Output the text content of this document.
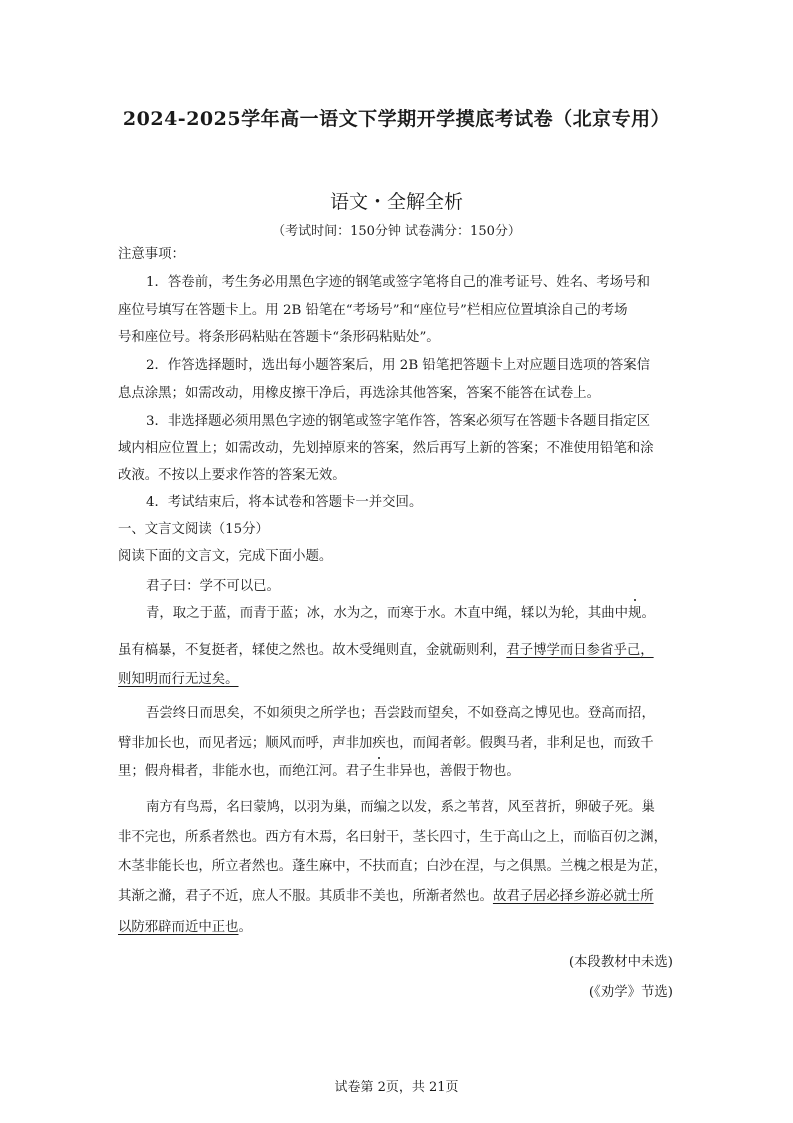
2024-2025学年高一语文下学期开学摸底考试卷（北京专用）
语文・全解全析
（考试时间：150分钟 试卷满分：150分）
注意事项：
1．答卷前，考生务必用黑色字迹的钢笔或签字笔将自己的准考证号、姓名、考场号和
座位号填写在答题卡上。用 2B 铅笔在“考场号”和“座位号”栏相应位置填涂自己的考场
号和座位号。将条形码粘贴在答题卡“条形码粘贴处”。
2．作答选择题时，选出每小题答案后，用 2B 铅笔把答题卡上对应题目选项的答案信
息点涂黑；如需改动，用橡皮擦干净后，再选涂其他答案，答案不能答在试卷上。
3．非选择题必须用黑色字迹的钢笔或签字笔作答，答案必须写在答题卡各题目指定区
域内相应位置上；如需改动，先划掉原来的答案，然后再写上新的答案；不准使用铅笔和涂
改液。不按以上要求作答的答案无效。
4．考试结束后，将本试卷和答题卡一并交回。
一、文言文阅读（15分）
阅读下面的文言文，完成下面小题。
君子曰：学不可以已。
青，取之于蓝，而青于蓝；冰，水为之，而寒于水。木直中绳，𫐓以为轮，其曲中规。
虽有槁暴，不复挺者，𫐓使之然也。故木受绳则直，金就砺则利，君子博学而日参省乎己，
则知明而行无过矣。
吾尝终日而思矣，不如须臾之所学也；吾尝跂而望矣，不如登高之博见也。登高而招，
臂非加长也，而见者远；顺风而呼，声非加疾也，而闻者彰。假舆马者，非利足也，而致千
里；假舟楫者，非能水也，而绝江河。君子生非异也，善假于物也。
南方有鸟焉，名曰蒙鸠，以羽为巢，而编之以发，系之苇苕，风至苕折，卵破子死。巢
非不完也，所系者然也。西方有木焉，名曰射干，茎长四寸，生于高山之上，而临百仞之渊，
木茎非能长也，所立者然也。蓬生麻中，不扶而直；白沙在涅，与之俱黑。兰槐之根是为芷，
其渐之滫，君子不近，庶人不服。其质非不美也，所渐者然也。故君子居必择乡游必就士所
以防邪辟而近中正也。
(本段教材中未选)
(《劝学》节选)
试卷第 2页，共 21页
